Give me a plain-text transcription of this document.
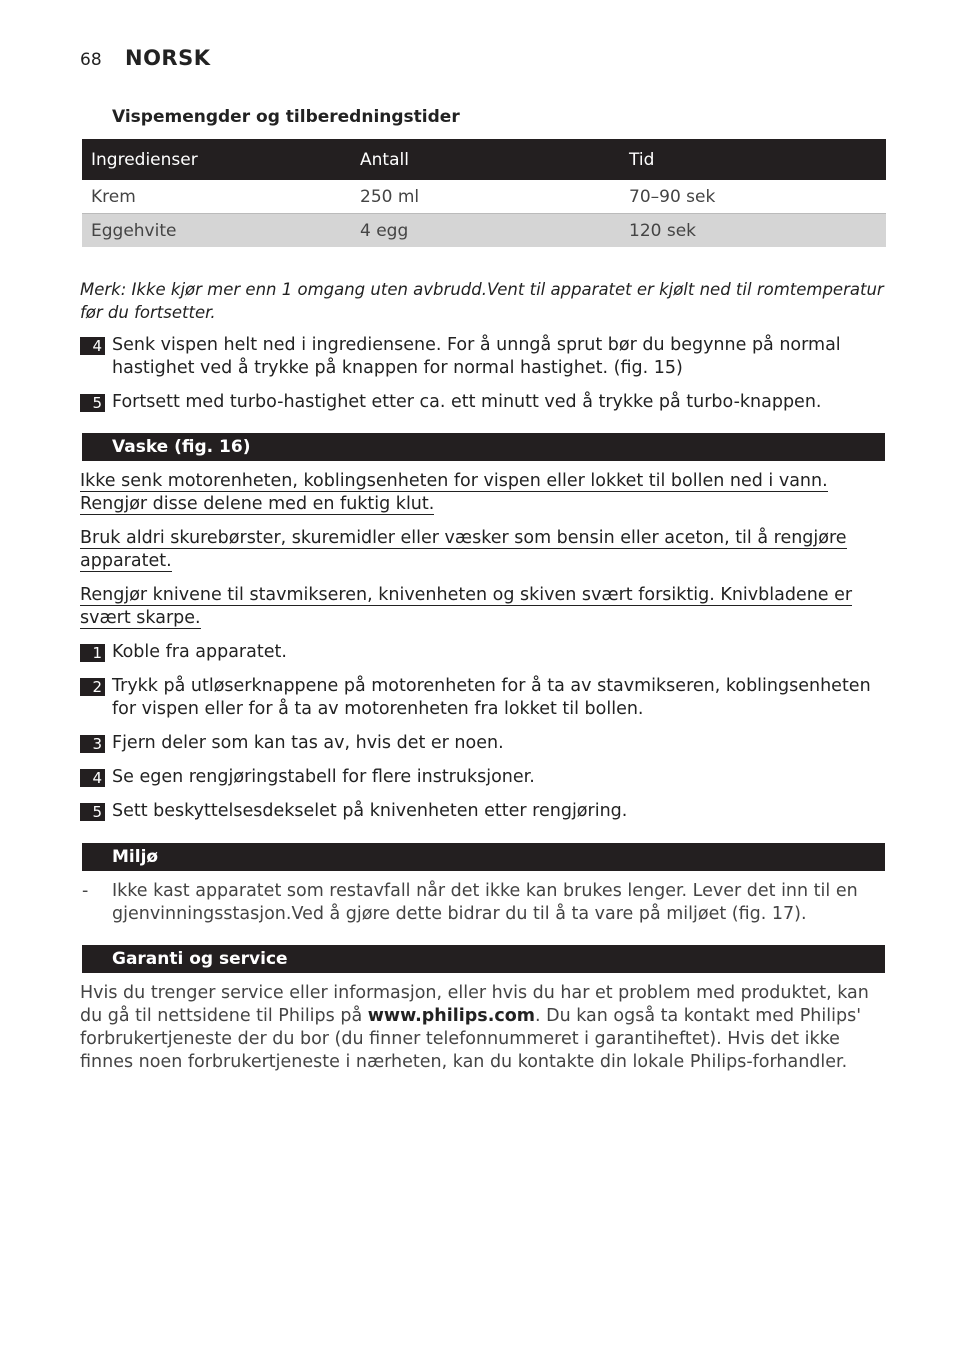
68 NORSK
Vispemengder og tilberedningstider
Ingredienser	Antall	Tid
Krem	250 ml	70–90 sek
Eggehvite	4 egg	120 sek
Merk: Ikke kjør mer enn 1 omgang uten avbrudd.Vent til apparatet er kjølt ned til romtemperatur før du fortsetter.
4 Senk vispen helt ned i ingrediensene. For å unngå sprut bør du begynne på normal hastighet ved å trykke på knappen for normal hastighet. (fig. 15)
5 Fortsett med turbo-hastighet etter ca. ett minutt ved å trykke på turbo-knappen.
Vaske (fig. 16)
Ikke senk motorenheten, koblingsenheten for vispen eller lokket til bollen ned i vann. Rengjør disse delene med en fuktig klut.
Bruk aldri skurebørster, skuremidler eller væsker som bensin eller aceton, til å rengjøre apparatet.
Rengjør knivene til stavmikseren, knivenheten og skiven svært forsiktig. Knivbladene er svært skarpe.
1 Koble fra apparatet.
2 Trykk på utløserknappene på motorenheten for å ta av stavmikseren, koblingsenheten for vispen eller for å ta av motorenheten fra lokket til bollen.
3 Fjern deler som kan tas av, hvis det er noen.
4 Se egen rengjøringstabell for flere instruksjoner.
5 Sett beskyttelsesdekselet på knivenheten etter rengjøring.
Miljø
- Ikke kast apparatet som restavfall når det ikke kan brukes lenger. Lever det inn til en gjenvinningsstasjon.Ved å gjøre dette bidrar du til å ta vare på miljøet (fig. 17).
Garanti og service
Hvis du trenger service eller informasjon, eller hvis du har et problem med produktet, kan du gå til nettsidene til Philips på www.philips.com. Du kan også ta kontakt med Philips' forbrukertjeneste der du bor (du finner telefonnummeret i garantiheftet). Hvis det ikke finnes noen forbrukertjeneste i nærheten, kan du kontakte din lokale Philips-forhandler.
